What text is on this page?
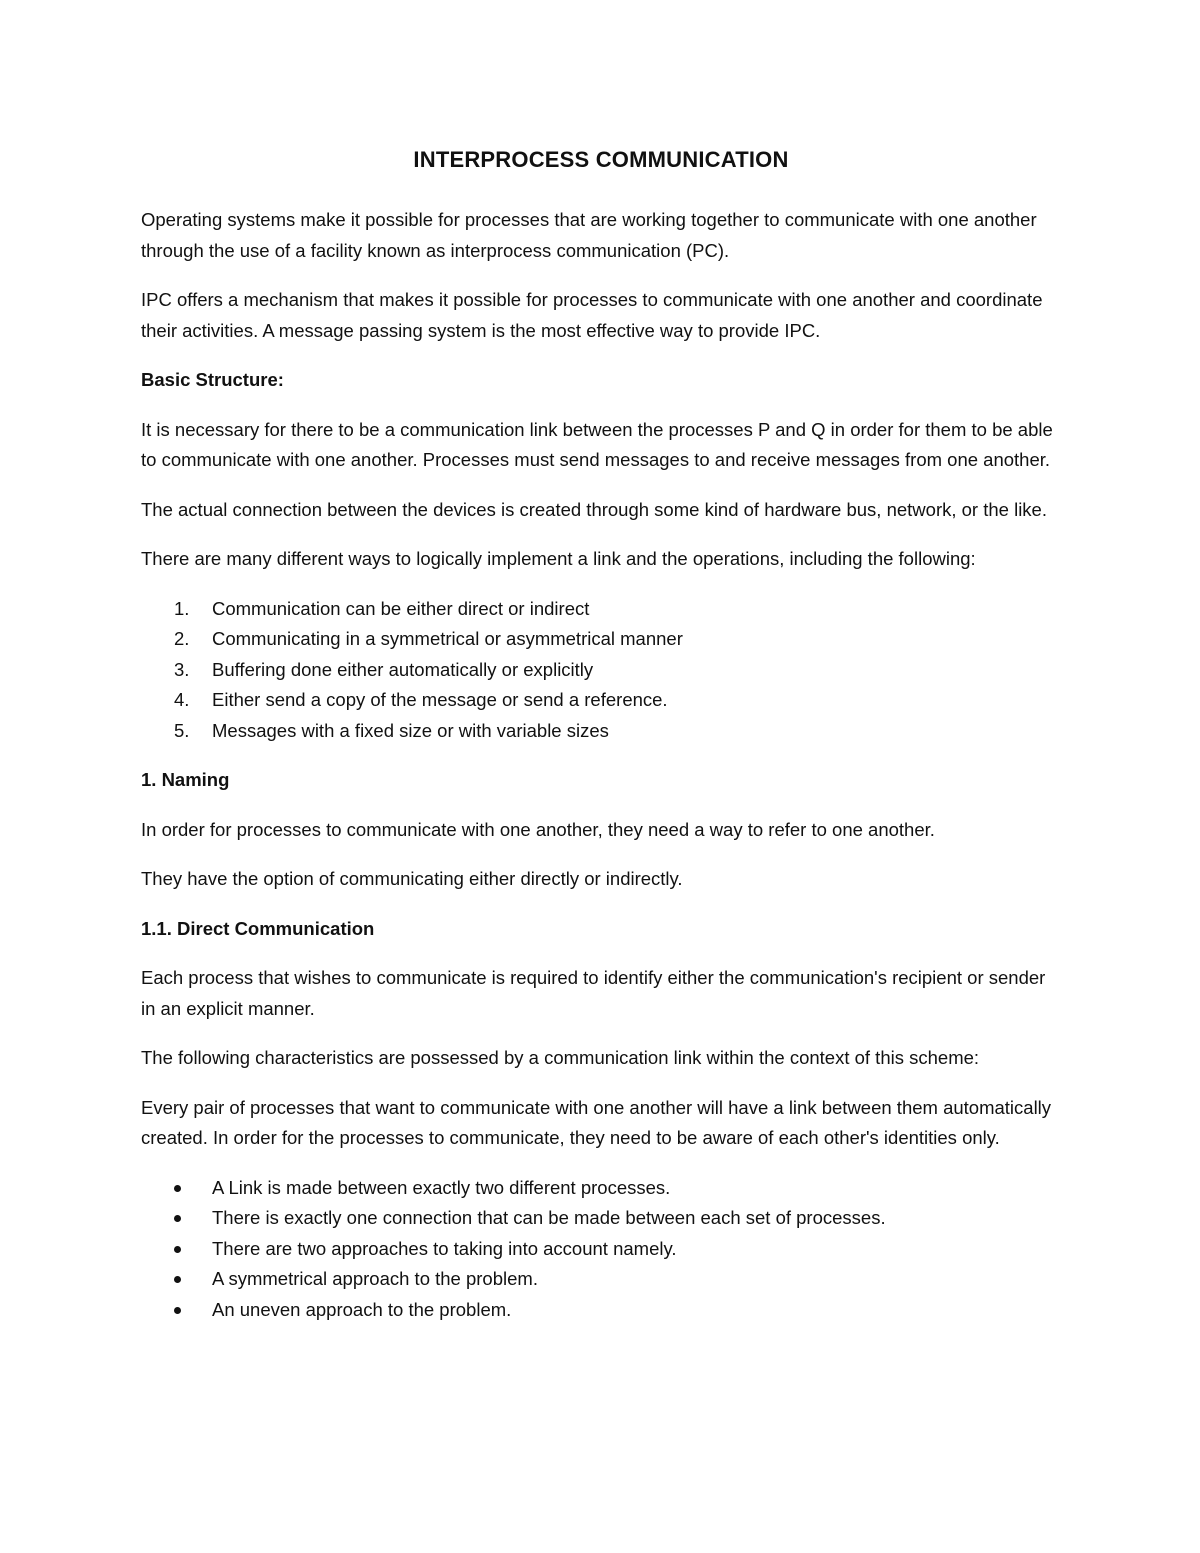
INTERPROCESS COMMUNICATION

Operating systems make it possible for processes that are working together to communicate with one another through the use of a facility known as interprocess communication (PC).

IPC offers a mechanism that makes it possible for processes to communicate with one another and coordinate their activities. A message passing system is the most effective way to provide IPC.

Basic Structure:

It is necessary for there to be a communication link between the processes P and Q in order for them to be able to communicate with one another. Processes must send messages to and receive messages from one another.

The actual connection between the devices is created through some kind of hardware bus, network, or the like.

There are many different ways to logically implement a link and the operations, including the following:

1. Communication can be either direct or indirect
2. Communicating in a symmetrical or asymmetrical manner
3. Buffering done either automatically or explicitly
4. Either send a copy of the message or send a reference.
5. Messages with a fixed size or with variable sizes

1. Naming

In order for processes to communicate with one another, they need a way to refer to one another.

They have the option of communicating either directly or indirectly.

1.1. Direct Communication

Each process that wishes to communicate is required to identify either the communication's recipient or sender in an explicit manner.

The following characteristics are possessed by a communication link within the context of this scheme:

Every pair of processes that want to communicate with one another will have a link between them automatically created. In order for the processes to communicate, they need to be aware of each other's identities only.

A Link is made between exactly two different processes.
There is exactly one connection that can be made between each set of processes.
There are two approaches to taking into account namely.
A symmetrical approach to the problem.
An uneven approach to the problem.
